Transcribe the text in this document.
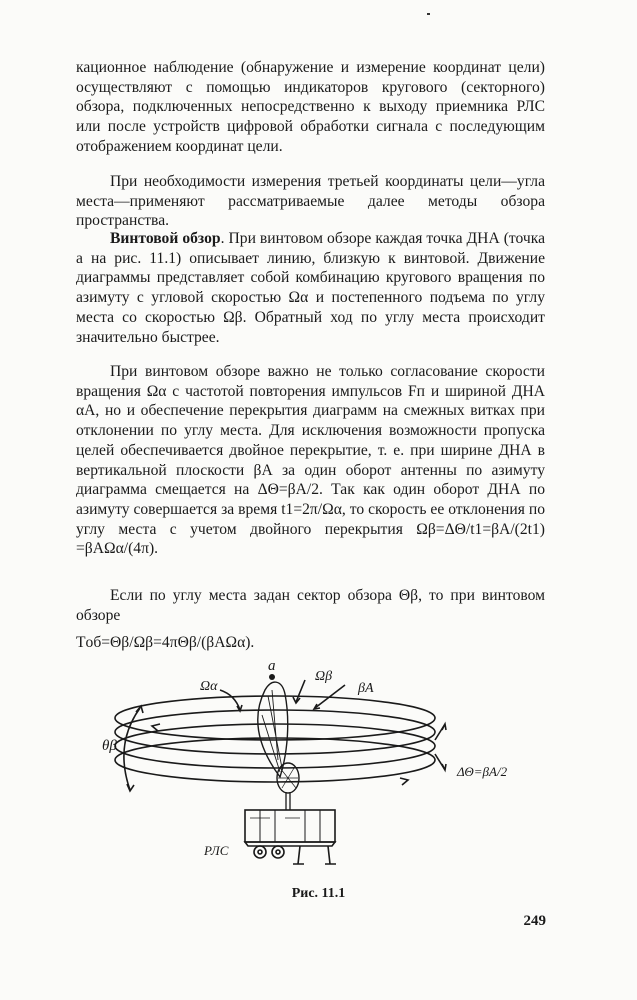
кационное наблюдение (обнаружение и измерение координат цели) осуществляют с помощью индикаторов кругового (секторного) обзора, подключенных непосредственно к выходу приемника РЛС или после устройств цифровой обработки сигнала с последующим отображением координат цели.

При необходимости измерения третьей координаты цели—угла места—применяют рассматриваемые далее методы обзора пространства.

Винтовой обзор. При винтовом обзоре каждая точка ДНА (точка a на рис. 11.1) описывает линию, близкую к винтовой. Движение диаграммы представляет собой комбинацию кругового вращения по азимуту с угловой скоростью Ωα и постепенного подъема по углу места со скоростью Ωβ. Обратный ход по углу места происходит значительно быстрее.

При винтовом обзоре важно не только согласование скорости вращения Ωα с частотой повторения импульсов Fп и шириной ДНА αА, но и обеспечение перекрытия диаграмм на смежных витках при отклонении по углу места. Для исключения возможности пропуска целей обеспечивается двойное перекрытие, т. е. при ширине ДНА в вертикальной плоскости βА за один оборот антенны по азимуту диаграмма смещается на ΔΘ=βА/2. Так как один оборот ДНА по азимуту совершается за время t1=2π/Ωα, то скорость ее отклонения по углу места с учетом двойного перекрытия Ωβ=ΔΘ/t1=βА/(2t1) =βАΩα/(4π).

Если по углу места задан сектор обзора Θβ, то при винтовом обзоре

Tоб=Θβ/Ωβ=4πΘβ/(βАΩα).
a
Ωα
Ωβ
βА
θβ
ΔΘ=βА/2
РЛС
Рис. 11.1
249
